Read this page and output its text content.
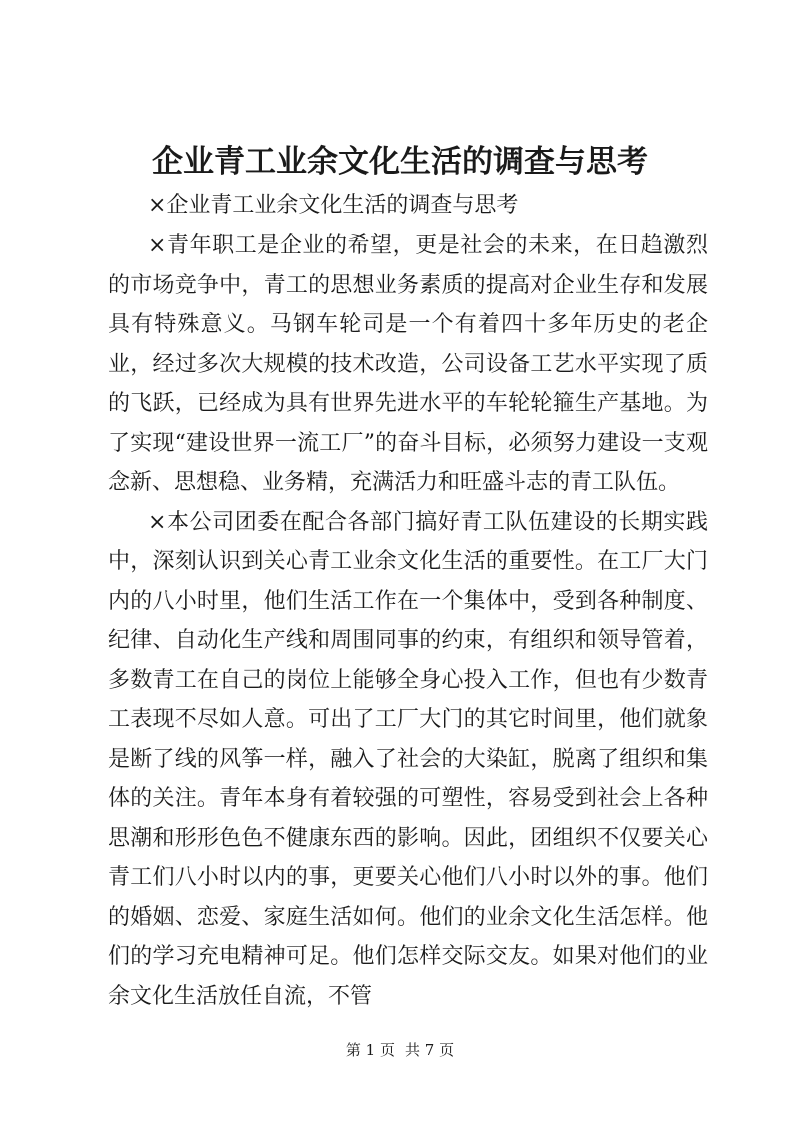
企业青工业余文化生活的调查与思考
×企业青工业余文化生活的调查与思考

×青年职工是企业的希望，更是社会的未来，在日趋激烈的市场竞争中，青工的思想业务素质的提高对企业生存和发展具有特殊意义。马钢车轮司是一个有着四十多年历史的老企业，经过多次大规模的技术改造，公司设备工艺水平实现了质的飞跃，已经成为具有世界先进水平的车轮轮箍生产基地。为了实现“建设世界一流工厂”的奋斗目标，必须努力建设一支观念新、思想稳、业务精，充满活力和旺盛斗志的青工队伍。

×本公司团委在配合各部门搞好青工队伍建设的长期实践中，深刻认识到关心青工业余文化生活的重要性。在工厂大门内的八小时里，他们生活工作在一个集体中，受到各种制度、纪律、自动化生产线和周围同事的约束，有组织和领导管着，多数青工在自己的岗位上能够全身心投入工作，但也有少数青工表现不尽如人意。可出了工厂大门的其它时间里，他们就象是断了线的风筝一样，融入了社会的大染缸，脱离了组织和集体的关注。青年本身有着较强的可塑性，容易受到社会上各种思潮和形形色色不健康东西的影响。因此，团组织不仅要关心青工们八小时以内的事，更要关心他们八小时以外的事。他们的婚姻、恋爱、家庭生活如何。他们的业余文化生活怎样。他们的学习充电精神可足。他们怎样交际交友。如果对他们的业余文化生活放任自流，不管

第 1 页 共 7 页
